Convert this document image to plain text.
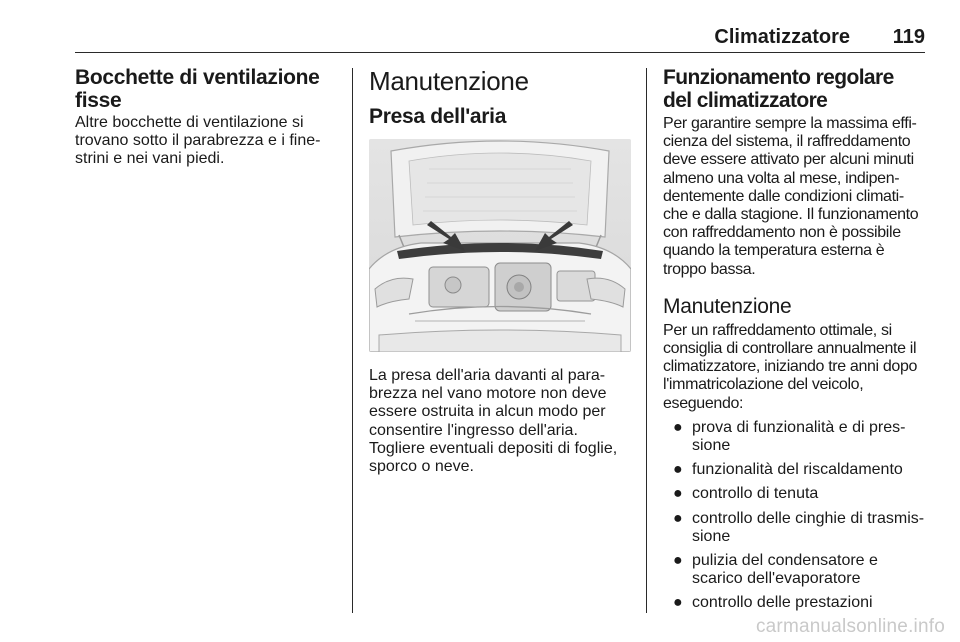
Climatizzatore 119
Bocchette di ventilazione fisse

Altre bocchette di ventilazione si trovano sotto il parabrezza e i fine-strini e nei vani piedi.

Manutenzione
Presa dell'aria

La presa dell'aria davanti al para-brezza nel vano motore non deve essere ostruita in alcun modo per consentire l'ingresso dell'aria. Togliere eventuali depositi di foglie, sporco o neve.

Funzionamento regolare del climatizzatore

Per garantire sempre la massima effi-cienza del sistema, il raffreddamento deve essere attivato per alcuni minuti almeno una volta al mese, indipen-dentemente dalle condizioni climati-che e dalla stagione. Il funzionamento con raffreddamento non è possibile quando la temperatura esterna è troppo bassa.

Manutenzione

Per un raffreddamento ottimale, si consiglia di controllare annualmente il climatizzatore, iniziando tre anni dopo l'immatricolazione del veicolo, eseguendo:

● prova di funzionalità e di pres-sione
● funzionalità del riscaldamento
● controllo di tenuta
● controllo delle cinghie di trasmis-sione
● pulizia del condensatore e scarico dell'evaporatore
● controllo delle prestazioni
carmanualsonline.info
